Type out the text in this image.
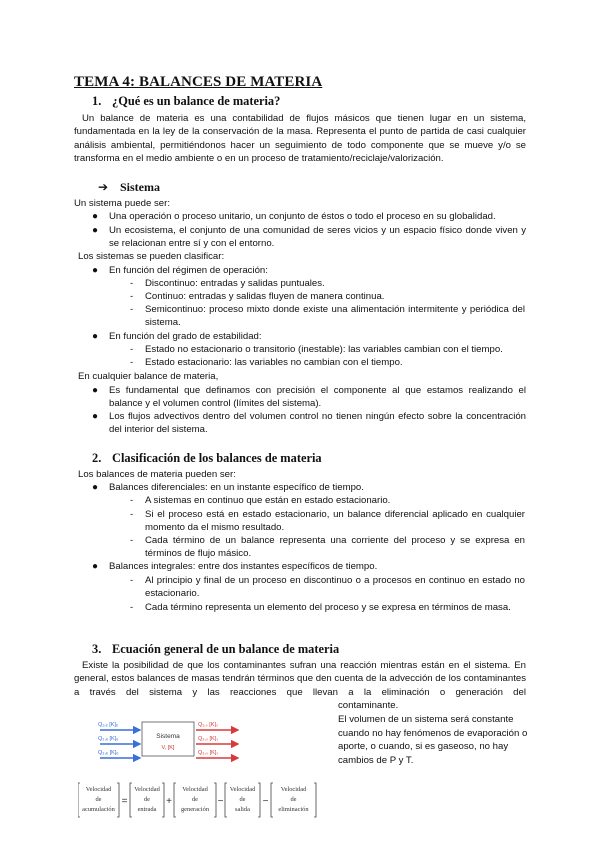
TEMA 4: BALANCES DE MATERIA
1. ¿Qué es un balance de materia?
Un balance de materia es una contabilidad de flujos másicos que tienen lugar en un sistema, fundamentada en la ley de la conservación de la masa. Representa el punto de partida de casi cualquier análisis ambiental, permitiéndonos hacer un seguimiento de todo componente que se mueve y/o se transforma en el medio ambiente o en un proceso de tratamiento/reciclaje/valorización.
➔ Sistema
Un sistema puede ser:
● Una operación o proceso unitario, un conjunto de éstos o todo el proceso en su globalidad.
● Un ecosistema, el conjunto de una comunidad de seres vicios y un espacio físico donde viven y se relacionan entre sí y con el entorno.
Los sistemas se pueden clasificar:
● En función del régimen de operación:
- Discontinuo: entradas y salidas puntuales.
- Continuo: entradas y salidas fluyen de manera continua.
- Semicontinuo: proceso mixto donde existe una alimentación intermitente y periódica del sistema.
● En función del grado de estabilidad:
- Estado no estacionario o transitorio (inestable): las variables cambian con el tiempo.
- Estado estacionario: las variables no cambian con el tiempo.
En cualquier balance de materia,
● Es fundamental que definamos con precisión el componente al que estamos realizando el balance y el volumen control (límites del sistema).
● Los flujos advectivos dentro del volumen control no tienen ningún efecto sobre la concentración del interior del sistema.
2. Clasificación de los balances de materia
Los balances de materia pueden ser:
● Balances diferenciales: en un instante específico de tiempo.
- A sistemas en continuo que están en estado estacionario.
- Si el proceso está en estado estacionario, un balance diferencial aplicado en cualquier momento da el mismo resultado.
- Cada término de un balance representa una corriente del proceso y se expresa en términos de flujo másico.
● Balances integrales: entre dos instantes específicos de tiempo.
- Al principio y final de un proceso en discontinuo o a procesos en continuo en estado no estacionario.
- Cada término representa un elemento del proceso y se expresa en términos de masa.
3. Ecuación general de un balance de materia
Existe la posibilidad de que los contaminantes sufran una reacción mientras están en el sistema. En general, estos balances de masas tendrán términos que den cuenta de la advección de los contaminantes a través del sistema y las reacciones que llevan a la eliminación o generación del
contaminante.
El volumen de un sistema será constante cuando no hay fenómenos de evaporación o aporte, o cuando, si es gaseoso, no hay cambios de P y T.
Sistema
V, [K]
Q₁,ₑ [K]ₑ
Q₂,ₑ [K]ₑ
Q₃,ₑ [K]ₑ
Q₁,ₛ [K]ₛ
Q₂,ₛ [K]ₛ
Q₃,ₛ [K]ₛ
Velocidad
de
acumulación
Velocidad
de
entrada
Velocidad
de
generación
Velocidad
de
salida
Velocidad
de
eliminación
=	+	−	−
